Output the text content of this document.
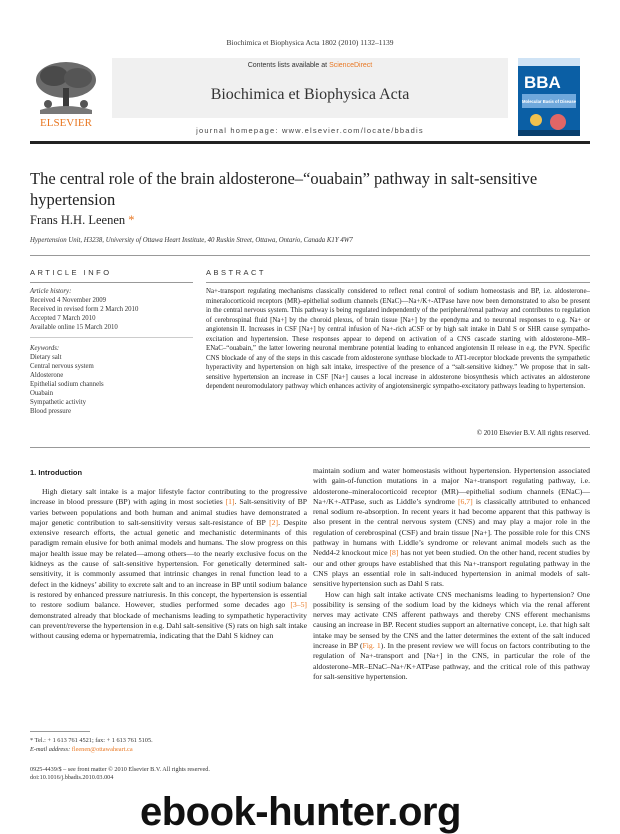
Biochimica et Biophysica Acta 1802 (2010) 1132–1139
Contents lists available at ScienceDirect
Biochimica et Biophysica Acta
journal homepage: www.elsevier.com/locate/bbadis
ELSEVIER
BBA
Molecular Basis of Disease
The central role of the brain aldosterone–“ouabain” pathway in salt-sensitive hypertension
Frans H.H. Leenen *
Hypertension Unit, H3238, University of Ottawa Heart Institute, 40 Ruskin Street, Ottawa, Ontario, Canada K1Y 4W7
ARTICLE INFO	ABSTRACT
Article history:
Received 4 November 2009
Received in revised form 2 March 2010
Accepted 7 March 2010
Available online 15 March 2010
Keywords:
Dietary salt
Central nervous system
Aldosterone
Epithelial sodium channels
Ouabain
Sympathetic activity
Blood pressure
Na+-transport regulating mechanisms classically considered to reflect renal control of sodium homeostasis and BP, i.e. aldosterone–mineralocorticoid receptors (MR)–epithelial sodium channels (ENaC)—Na+/K+-ATPase have now been demonstrated to also be present in the central nervous system. This pathway is being regulated independently of the peripheral/renal pathway and contributes to regulation of cerebrospinal fluid [Na+] by the choroid plexus, of brain tissue [Na+] by the ependyma and to neuronal responses to e.g. Na+ or angiotensin II. Increases in CSF [Na+] by central infusion of Na+-rich aCSF or by high salt intake in Dahl S or SHR cause sympatho-excitation and hypertension. These responses appear to depend on activation of a CNS cascade starting with aldosterone–MR–ENaC–“ouabain,” the latter lowering neuronal membrane potential leading to enhanced angiotensin II release in e.g. the PVN. Specific CNS blockade of any of the steps in this cascade from aldosterone synthase blockade to AT1-receptor blockade prevents the sympathetic hyperactivity and hypertension on high salt intake, irrespective of the presence of a “salt-sensitive kidney.” We propose that in salt-sensitive hypertension an increase in CSF [Na+] causes a local increase in aldosterone biosynthesis which activates an aldosterone dependent neuromodulatory pathway which enhances activity of angiotensinergic sympatho-excitatory pathways leading to hypertension.
© 2010 Elsevier B.V. All rights reserved.
1. Introduction

High dietary salt intake is a major lifestyle factor contributing to the progressive increase in blood pressure (BP) with aging in most societies [1]. Salt-sensitivity of BP varies between populations and both human and animal studies have demonstrated a major genetic contribution to salt-sensitivity versus salt-resistance of BP [2]. Despite extensive research efforts, the actual genetic and mechanistic determinants of this paradigm remain elusive for both animal models and humans. The slow progress on this major health issue may be related—among others—to the nearly exclusive focus on the kidneys as the cause of salt-sensitive hypertension. For genetically determined salt-sensitivity, it is commonly assumed that intrinsic changes in renal function lead to a defect in the kidneys’ ability to excrete salt and to an increase in BP until sodium balance is restored by enhanced pressure natriuresis. In this concept, the hypertension is essential to restore sodium balance. However, studies performed some decades ago [3–5] demonstrated already that blockade of mechanisms leading to sympathetic hyperactivity can prevent/reverse the hypertension in e.g. Dahl salt-sensitive (S) rats on high salt intake without causing edema or hypernatremia, indicating that the Dahl S kidney can

maintain sodium and water homeostasis without hypertension. Hypertension associated with gain-of-function mutations in a major Na+-transport regulating pathway, i.e. aldosterone–mineralocorticoid receptor (MR)—epithelial sodium channels (ENaC)—Na+/K+-ATPase, such as Liddle’s syndrome [6,7] is classically attributed to enhanced renal sodium re-absorption. In recent years it had become apparent that this pathway is also present in the central nervous system (CNS) and may play a major role in the regulation of cerebrospinal (CSF) and brain tissue [Na+]. The possible role for this CNS pathway in humans with Liddle’s syndrome or relevant animal models such as the Nedd4-2 knockout mice [8] has not yet been studied. On the other hand, recent studies by our and other groups have established that this Na+-transport regulating pathway in the CNS plays an essential role in salt-induced hypertension in animal models of salt-sensitive hypertension such as Dahl S rats.

How can high salt intake activate CNS mechanisms leading to hypertension? One possibility is sensing of the sodium load by the kidneys which via the renal afferent nerves may activate CNS afferent pathways and thereby CNS efferent mechanisms causing an increase in BP. Recent studies support an alternative concept, i.e. that high salt intake may be sensed by the CNS and the latter determines the extent of the salt induced increase in BP (Fig. 1). In the present review we will focus on factors contributing to the regulation of Na+-transport and [Na+] in the CNS, in particular the role of the aldosterone–MR–ENaC–Na+/K+ATPase pathway, and the critical role of this pathway for salt-sensitive hypertension.

* Tel.: + 1 613 761 4521; fax: + 1 613 761 5105.
E-mail address: fleenen@ottawaheart.ca
0925-4439/$ – see front matter © 2010 Elsevier B.V. All rights reserved.
doi:10.1016/j.bbadis.2010.03.004
ebook-hunter.org
